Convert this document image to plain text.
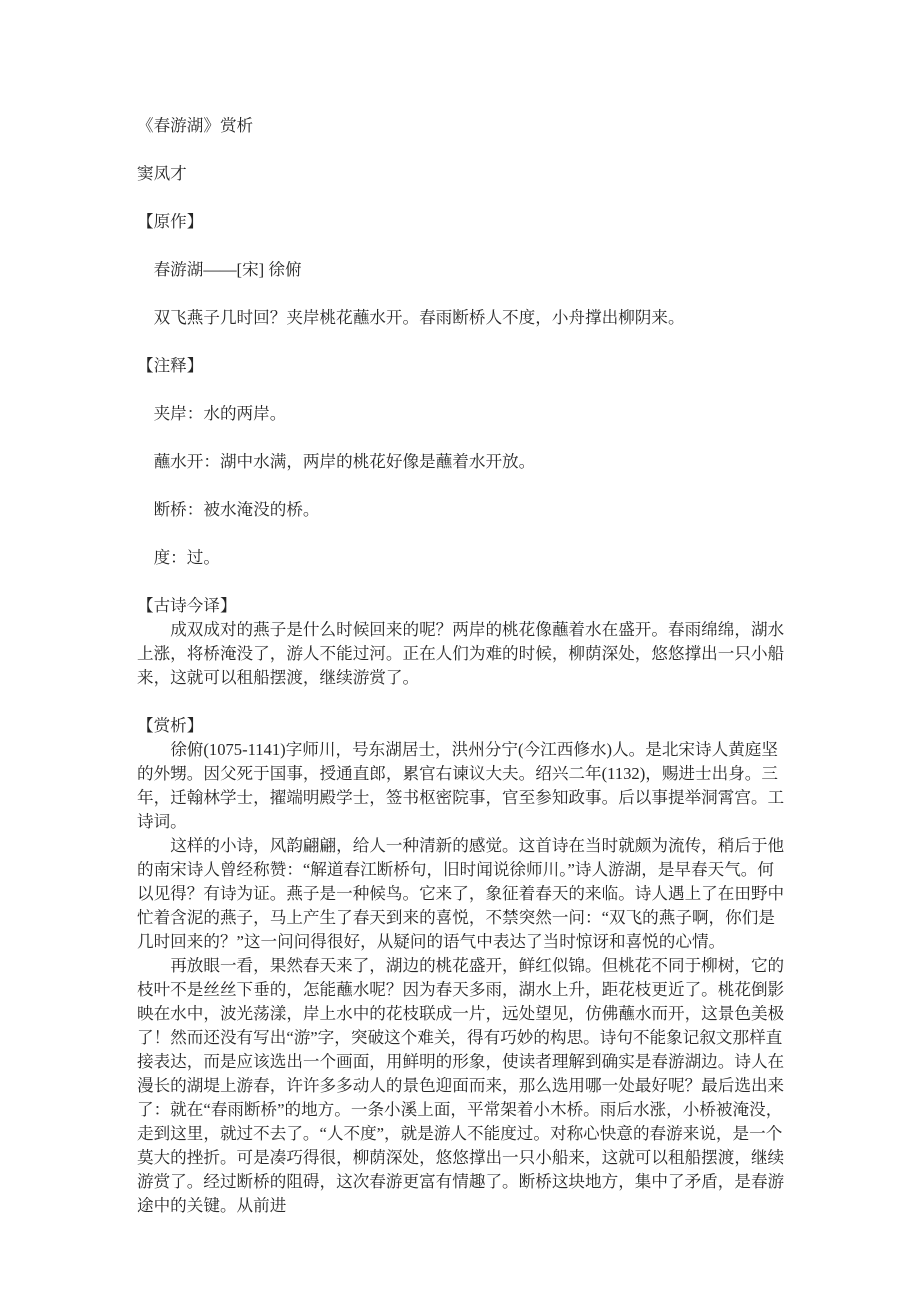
《春游湖》赏析

窦凤才

【原作】

春游湖——[宋] 徐俯

双飞燕子几时回？夹岸桃花蘸水开。春雨断桥人不度，小舟撑出柳阴来。

【注释】

夹岸：水的两岸。

蘸水开：湖中水满，两岸的桃花好像是蘸着水开放。

断桥：被水淹没的桥。

度：过。

【古诗今译】

成双成对的燕子是什么时候回来的呢？两岸的桃花像蘸着水在盛开。春雨绵绵，湖水上涨，将桥淹没了，游人不能过河。正在人们为难的时候，柳荫深处，悠悠撑出一只小船来，这就可以租船摆渡，继续游赏了。

【赏析】

徐俯(1075-1141)字师川，号东湖居士，洪州分宁(今江西修水)人。是北宋诗人黄庭坚的外甥。因父死于国事，授通直郎，累官右谏议大夫。绍兴二年(1132)，赐进士出身。三年，迁翰林学士，擢端明殿学士，签书枢密院事，官至参知政事。后以事提举洞霄宫。工诗词。

这样的小诗，风韵翩翩，给人一种清新的感觉。这首诗在当时就颇为流传，稍后于他的南宋诗人曾经称赞：“解道春江断桥句，旧时闻说徐师川。”诗人游湖，是早春天气。何以见得？有诗为证。燕子是一种候鸟。它来了，象征着春天的来临。诗人遇上了在田野中忙着含泥的燕子，马上产生了春天到来的喜悦，不禁突然一问：“双飞的燕子啊，你们是几时回来的？”这一问问得很好，从疑问的语气中表达了当时惊讶和喜悦的心情。

再放眼一看，果然春天来了，湖边的桃花盛开，鲜红似锦。但桃花不同于柳树，它的枝叶不是丝丝下垂的，怎能蘸水呢？因为春天多雨，湖水上升，距花枝更近了。桃花倒影映在水中，波光荡漾，岸上水中的花枝联成一片，远处望见，仿佛蘸水而开，这景色美极了！然而还没有写出“游”字，突破这个难关，得有巧妙的构思。诗句不能象记叙文那样直接表达，而是应该选出一个画面，用鲜明的形象，使读者理解到确实是春游湖边。诗人在漫长的湖堤上游春，许许多多动人的景色迎面而来，那么选用哪一处最好呢？最后选出来了：就在“春雨断桥”的地方。一条小溪上面，平常架着小木桥。雨后水涨，小桥被淹没，走到这里，就过不去了。“人不度”，就是游人不能度过。对称心快意的春游来说，是一个莫大的挫折。可是凑巧得很，柳荫深处，悠悠撑出一只小船来，这就可以租船摆渡，继续游赏了。经过断桥的阻碍，这次春游更富有情趣了。断桥这块地方，集中了矛盾，是春游途中的关键。从前进
